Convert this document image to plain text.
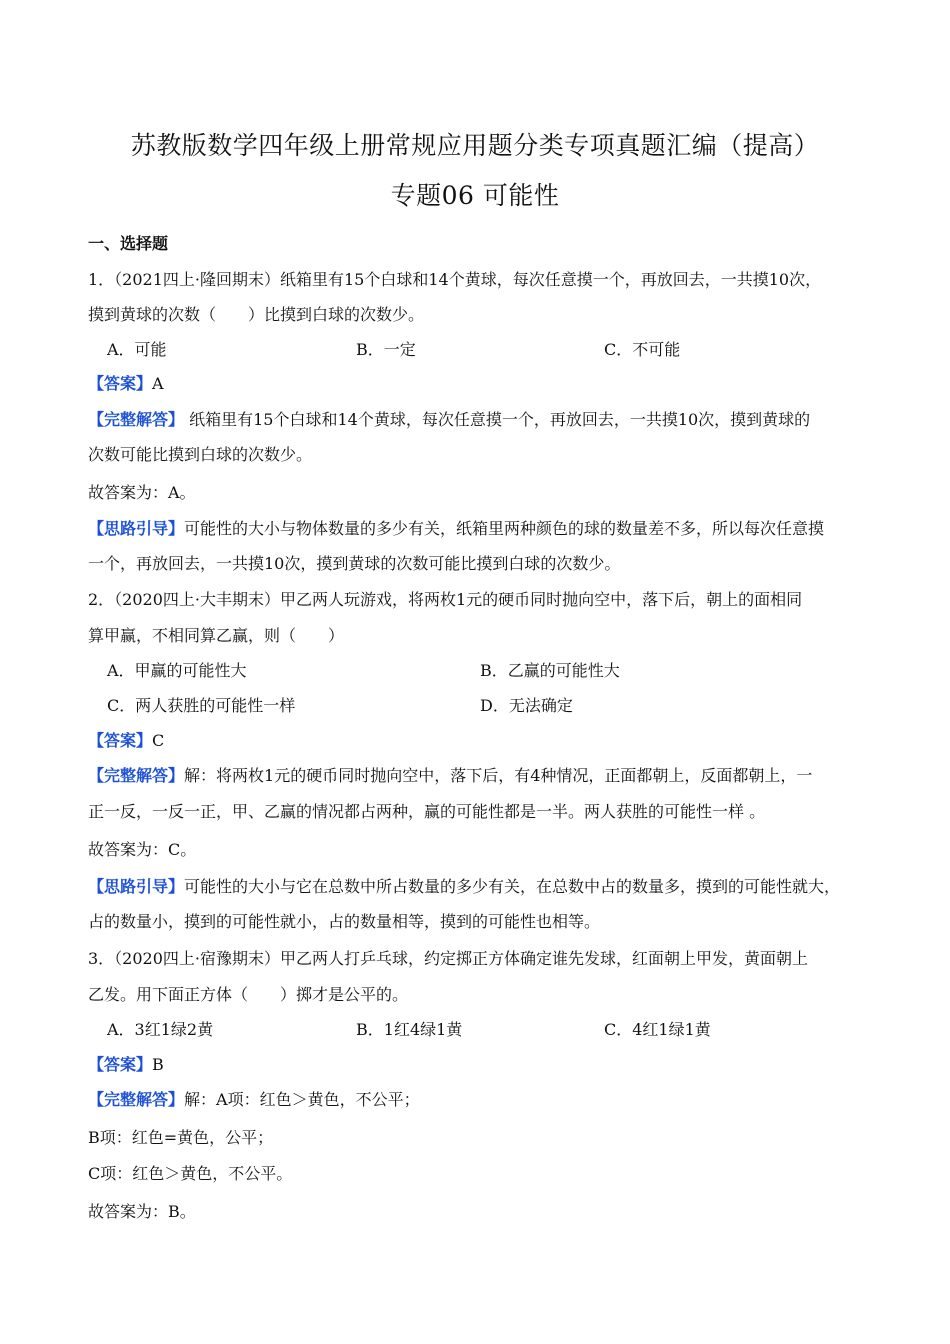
苏教版数学四年级上册常规应用题分类专项真题汇编（提高）
专题06 可能性
一、选择题
1．（2021四上·隆回期末）纸箱里有15个白球和14个黄球，每次任意摸一个，再放回去，一共摸10次，
摸到黄球的次数（　　）比摸到白球的次数少。
A．可能	B．一定	C．不可能
【答案】A
【完整解答】 纸箱里有15个白球和14个黄球，每次任意摸一个，再放回去，一共摸10次，摸到黄球的
次数可能比摸到白球的次数少。
故答案为：A。
【思路引导】可能性的大小与物体数量的多少有关，纸箱里两种颜色的球的数量差不多，所以每次任意摸
一个，再放回去，一共摸10次，摸到黄球的次数可能比摸到白球的次数少。
2．（2020四上·大丰期末）甲乙两人玩游戏，将两枚1元的硬币同时抛向空中，落下后，朝上的面相同
算甲赢，不相同算乙赢，则（　　）
A．甲赢的可能性大	B．乙赢的可能性大
C．两人获胜的可能性一样	D．无法确定
【答案】C
【完整解答】解：将两枚1元的硬币同时抛向空中，落下后，有4种情况，正面都朝上，反面都朝上，一
正一反，一反一正，甲、乙赢的情况都占两种，赢的可能性都是一半。两人获胜的可能性一样 。
故答案为：C。
【思路引导】可能性的大小与它在总数中所占数量的多少有关，在总数中占的数量多，摸到的可能性就大，
占的数量小，摸到的可能性就小，占的数量相等，摸到的可能性也相等。
3．（2020四上·宿豫期末）甲乙两人打乒乓球，约定掷正方体确定谁先发球，红面朝上甲发，黄面朝上
乙发。用下面正方体（　　）掷才是公平的。
A．3红1绿2黄	B．1红4绿1黄	C．4红1绿1黄
【答案】B
【完整解答】解：A项：红色＞黄色，不公平；
B项：红色=黄色，公平；
C项：红色＞黄色，不公平。
故答案为：B。
